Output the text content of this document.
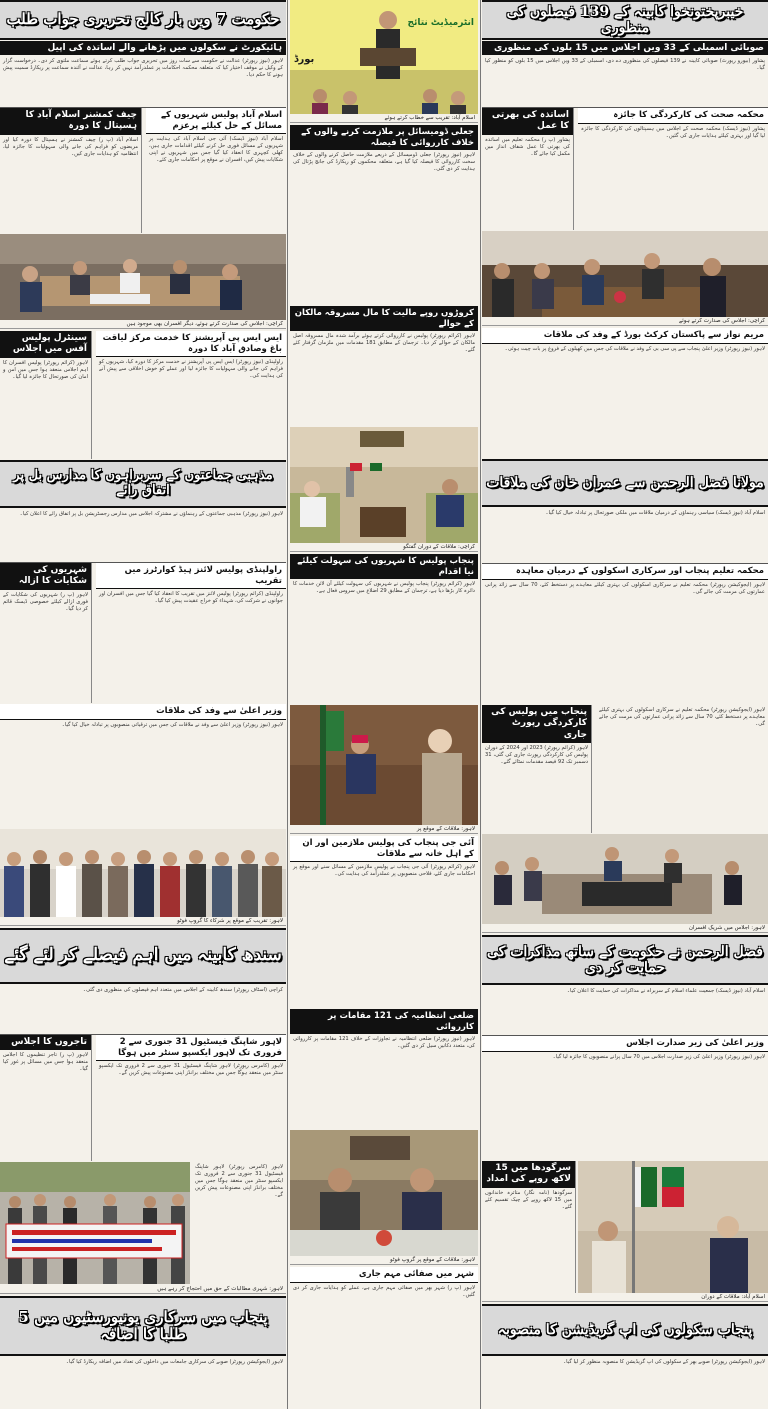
حکومت 7 ویں بار کالج تحریری جواب طلب
ہائیکورٹ نے سکولوں میں پڑھانے والے اساتذہ کی اپیل
لاہور (نیوز رپورٹر) عدالت نے حکومت سے سات روز میں تحریری جواب طلب کرتے ہوئے سماعت ملتوی کر دی۔ درخواست گزار کے وکیل نے موقف اختیار کیا کہ متعلقہ محکمہ احکامات پر عملدرآمد نہیں کر رہا، عدالت نے آئندہ سماعت پر ریکارڈ سمیت پیش ہونے کا حکم دیا۔
اسلام آباد پولیس شہریوں کے مسائل کے حل کیلئے پرعزم
اسلام آباد (نیوز ڈیسک) آئی جی اسلام آباد کی ہدایت پر شہریوں کے مسائل فوری حل کرنے کیلئے اقدامات جاری ہیں، کھلی کچہری کا انعقاد کیا گیا جس میں شہریوں نے اپنی شکایات پیش کیں، افسران نے موقع پر احکامات جاری کئے۔
چیف کمشنر اسلام آباد کا ہسپتال کا دورہ
اسلام آباد (پ ر) چیف کمشنر نے ہسپتال کا دورہ کیا اور مریضوں کو فراہم کی جانے والی سہولیات کا جائزہ لیا، انتظامیہ کو ہدایات جاری کیں۔
کراچی: اجلاس کی صدارت کرتے ہوئے، دیگر افسران بھی موجود ہیں
ایس ایس پی آپریشنز کا خدمت مرکز لیاقت باغ وصادق آباد کا دورہ
راولپنڈی (نیوز رپورٹر) ایس ایس پی آپریشنز نے خدمت مرکز کا دورہ کیا، شہریوں کو فراہم کی جانے والی سہولیات کا جائزہ لیا اور عملے کو خوش اخلاقی سے پیش آنے کی ہدایت کی۔
سینٹرل پولیس آفس میں اجلاس
لاہور (کرائم رپورٹر) پولیس افسران کا اہم اجلاس منعقد ہوا جس میں امن و امان کی صورتحال کا جائزہ لیا گیا۔
مذہبی جماعتوں کے سربراہوں کا مدارس بل پر اتفاق رائے
لاہور (نیوز رپورٹر) مذہبی جماعتوں کے رہنماؤں نے مشترکہ اجلاس میں مدارس رجسٹریشن بل پر اتفاق رائے کا اعلان کیا۔
راولپنڈی پولیس لائنز ہیڈ کوارٹرز میں تقریب
راولپنڈی (کرائم رپورٹر) پولیس لائنز میں تقریب کا انعقاد کیا گیا جس میں افسران اور جوانوں نے شرکت کی، شہداء کو خراج عقیدت پیش کیا گیا۔
شہریوں کی شکایات کا ازالہ
لاہور (پ ر) شہریوں کی شکایات کے فوری ازالے کیلئے خصوصی ڈیسک قائم کر دیا گیا۔
وزیر اعلیٰ سے وفد کی ملاقات
لاہور (نیوز رپورٹر) وزیر اعلیٰ سے وفد نے ملاقات کی جس میں ترقیاتی منصوبوں پر تبادلہ خیال کیا گیا۔
لاہور: تقریب کے موقع پر شرکاء کا گروپ فوٹو
سندھ کابینہ میں اہم فیصلے کر لئے گئے
کراچی (اسٹاف رپورٹر) سندھ کابینہ کے اجلاس میں متعدد اہم فیصلوں کی منظوری دی گئی۔
لاہور شاپنگ فیسٹیول 31 جنوری سے 2 فروری تک لاہور ایکسپو سنٹر میں ہوگا
لاہور (کامرس رپورٹر) لاہور شاپنگ فیسٹیول 31 جنوری سے 2 فروری تک ایکسپو سنٹر میں منعقد ہوگا جس میں مختلف برانڈز اپنی مصنوعات پیش کریں گے۔
تاجروں کا اجلاس
لاہور (پ ر) تاجر تنظیموں کا اجلاس منعقد ہوا جس میں مسائل پر غور کیا گیا۔
لاہور (کامرس رپورٹر) لاہور شاپنگ فیسٹیول 31 جنوری سے 2 فروری تک ایکسپو سنٹر میں منعقد ہوگا جس میں مختلف برانڈز اپنی مصنوعات پیش کریں گے۔
لاہور: شہری مطالبات کے حق میں احتجاج کر رہے ہیں
پنجاب میں سرکاری یونیورسٹیوں میں 5 طلبا کا اضافہ
لاہور (ایجوکیشن رپورٹر) صوبے کی سرکاری جامعات میں داخلوں کی تعداد میں اضافہ ریکارڈ کیا گیا۔
انٹرمیڈیٹ نتائج
بورڈ
اسلام آباد: تقریب سے خطاب کرتے ہوئے
جعلی ڈومیسائل پر ملازمت کرنے والوں کے خلاف کارروائی کا فیصلہ
لاہور (نیوز رپورٹر) جعلی ڈومیسائل کے ذریعے ملازمت حاصل کرنے والوں کے خلاف سخت کارروائی کا فیصلہ کیا گیا ہے، متعلقہ محکموں کو ریکارڈ کی جانچ پڑتال کی ہدایت کر دی گئی۔
کروڑوں روپے مالیت کا مال مسروقہ مالکان کے حوالے
لاہور (کرائم رپورٹر) پولیس نے کارروائی کرتے ہوئے برآمد شدہ مال مسروقہ اصل مالکان کے حوالے کر دیا۔ ترجمان کے مطابق 181 مقدمات میں ملزمان گرفتار کئے گئے۔
کراچی: ملاقات کے دوران گفتگو
پنجاب پولیس کا شہریوں کی سہولت کیلئے نیا اقدام
لاہور (کرائم رپورٹر) پنجاب پولیس نے شہریوں کی سہولت کیلئے آن لائن خدمات کا دائرہ کار بڑھا دیا ہے، ترجمان کے مطابق 29 اضلاع میں سروس فعال ہے۔
لاہور: ملاقات کے موقع پر
آئی جی پنجاب کی پولیس ملازمین اور ان کے اہل خانہ سے ملاقات
لاہور (کرائم رپورٹر) آئی جی پنجاب نے پولیس ملازمین کے مسائل سنے اور موقع پر احکامات جاری کئے، فلاحی منصوبوں پر عملدرآمد کی ہدایت کی۔
ضلعی انتظامیہ کی 121 مقامات پر کارروائی
لاہور (نیوز رپورٹر) ضلعی انتظامیہ نے تجاوزات کے خلاف 121 مقامات پر کارروائی کی، متعدد دکانیں سیل کر دی گئیں۔
لاہور: ملاقات کے موقع پر گروپ فوٹو
شہر میں صفائی مہم جاری
لاہور (پ ر) شہر بھر میں صفائی مہم جاری ہے، عملے کو ہدایات جاری کر دی گئیں۔
خیبرپختونخوا کابینہ کے 139 فیصلوں کی منظوری
صوبائی اسمبلی کے 33 ویں اجلاس میں 15 بلوں کی منظوری
پشاور (بیورو رپورٹ) صوبائی کابینہ نے 139 فیصلوں کی منظوری دے دی، اسمبلی کے 33 ویں اجلاس میں 15 بلوں کو منظور کیا گیا۔
محکمہ صحت کی کارکردگی کا جائزہ
پشاور (نیوز ڈیسک) محکمہ صحت کے اجلاس میں ہسپتالوں کی کارکردگی کا جائزہ لیا گیا اور بہتری کیلئے ہدایات جاری کی گئیں۔
اساتذہ کی بھرتی کا عمل
پشاور (پ ر) محکمہ تعلیم میں اساتذہ کی بھرتی کا عمل شفاف انداز میں مکمل کیا جائے گا۔
کراچی: اجلاس کی صدارت کرتے ہوئے
مریم نواز سے پاکستان کرکٹ بورڈ کے وفد کی ملاقات
لاہور (نیوز رپورٹر) وزیر اعلیٰ پنجاب سے پی سی بی کے وفد نے ملاقات کی جس میں کھیلوں کے فروغ پر بات چیت ہوئی۔
مولانا فضل الرحمن سے عمران خان کی ملاقات
اسلام آباد (نیوز ڈیسک) سیاسی رہنماؤں کے درمیان ملاقات میں ملکی صورتحال پر تبادلہ خیال کیا گیا۔
محکمہ تعلیم پنجاب اور سرکاری اسکولوں کے درمیان معاہدہ
لاہور (ایجوکیشن رپورٹر) محکمہ تعلیم نے سرکاری اسکولوں کی بہتری کیلئے معاہدے پر دستخط کئے، 70 سال سے زائد پرانی عمارتوں کی مرمت کی جائے گی۔
پنجاب میں پولیس کی کارکردگی رپورٹ جاری
لاہور (کرائم رپورٹر) 2023 اور 2024 کے دوران پولیس کی کارکردگی رپورٹ جاری کی گئی، 31 دسمبر تک 92 فیصد مقدمات نمٹائے گئے۔
لاہور (ایجوکیشن رپورٹر) محکمہ تعلیم نے سرکاری اسکولوں کی بہتری کیلئے معاہدے پر دستخط کئے، 70 سال سے زائد پرانی عمارتوں کی مرمت کی جائے گی۔
لاہور: اجلاس میں شریک افسران
فضل الرحمن نے حکومت کے ساتھ مذاکرات کی حمایت کر دی
اسلام آباد (نیوز ڈیسک) جمعیت علماء اسلام کے سربراہ نے مذاکرات کی حمایت کا اعلان کیا۔
وزیر اعلیٰ کی زیر صدارت اجلاس
لاہور (نیوز رپورٹر) وزیر اعلیٰ کی زیر صدارت اجلاس میں 70 سال پرانے منصوبوں کا جائزہ لیا گیا۔
سرگودھا میں 15 لاکھ روپے کی امداد
سرگودھا (نامہ نگار) متاثرہ خاندانوں میں 15 لاکھ روپے کے چیک تقسیم کئے گئے۔
اسلام آباد: ملاقات کے دوران
پنجاب سکولوں کی اپ گریڈیشن کا منصوبہ
لاہور (ایجوکیشن رپورٹر) صوبے بھر کے سکولوں کی اپ گریڈیشن کا منصوبہ منظور کر لیا گیا۔
